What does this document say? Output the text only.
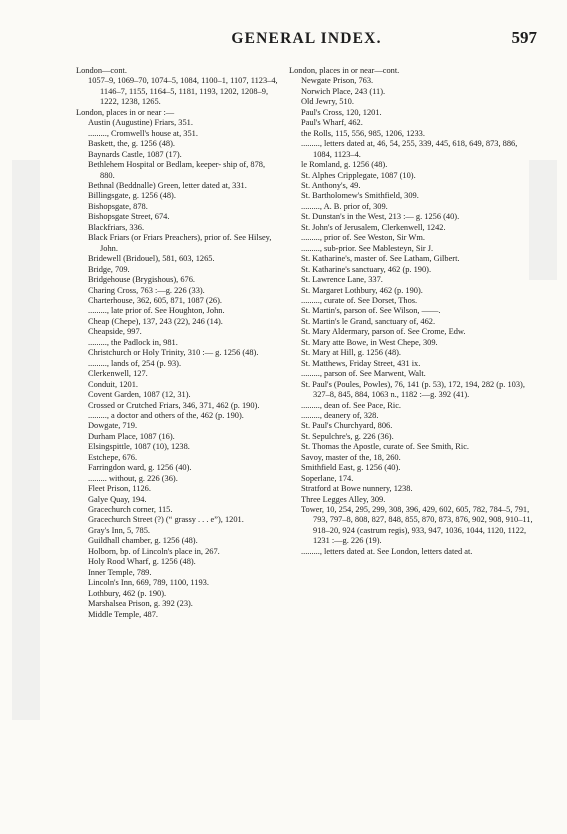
GENERAL INDEX.	597
London—cont.
1057–9, 1069–70, 1074–5, 1084, 1100–1, 1107, 1123–4, 1146–7, 1155, 1164–5, 1181, 1193, 1202, 1208–9, 1222, 1238, 1265.
London, places in or near :—
Austin (Augustine) Friars, 351.
........., Cromwell's house at, 351.
Baskett, the, g. 1256 (48).
Baynards Castle, 1087 (17).
Bethlehem Hospital or Bedlam, keeper- ship of, 878, 880.
Bethnal (Beddnalle) Green, letter dated at, 331.
Billingsgate, g. 1256 (48).
Bishopsgate, 878.
Bishopsgate Street, 674.
Blackfriars, 336.
Black Friars (or Friars Preachers), prior of. See Hilsey, John.
Bridewell (Bridouel), 581, 603, 1265.
Bridge, 709.
Bridgehouse (Brygishous), 676.
Charing Cross, 763 :—g. 226 (33).
Charterhouse, 362, 605, 871, 1087 (26).
........., late prior of. See Houghton, John.
Cheap (Chepe), 137, 243 (22), 246 (14).
Cheapside, 997.
........., the Padlock in, 981.
Christchurch or Holy Trinity, 310 :— g. 1256 (48).
........., lands of, 254 (p. 93).
Clerkenwell, 127.
Conduit, 1201.
Covent Garden, 1087 (12, 31).
Crossed or Crutched Friars, 346, 371, 462 (p. 190).
........., a doctor and others of the, 462 (p. 190).
Dowgate, 719.
Durham Place, 1087 (16).
Elsingspittle, 1087 (10), 1238.
Estchepe, 676.
Farringdon ward, g. 1256 (40).
......... without, g. 226 (36).
Fleet Prison, 1126.
Galye Quay, 194.
Gracechurch corner, 115.
Gracechurch Street (?) (“ grassy . . . e”), 1201.
Gray's Inn, 5, 785.
Guildhall chamber, g. 1256 (48).
Holborn, bp. of Lincoln's place in, 267.
Holy Rood Wharf, g. 1256 (48).
Inner Temple, 789.
Lincoln's Inn, 669, 789, 1100, 1193.
Lothbury, 462 (p. 190).
Marshalsea Prison, g. 392 (23).
Middle Temple, 487.
London, places in or near—cont.
Newgate Prison, 763.
Norwich Place, 243 (11).
Old Jewry, 510.
Paul's Cross, 120, 1201.
Paul's Wharf, 462.
the Rolls, 115, 556, 985, 1206, 1233.
........., letters dated at, 46, 54, 255, 339, 445, 618, 649, 873, 886, 1084, 1123–4.
le Romland, g. 1256 (48).
St. Alphes Cripplegate, 1087 (10).
St. Anthony's, 49.
St. Bartholomew's Smithfield, 309.
........., A. B. prior of, 309.
St. Dunstan's in the West, 213 :— g. 1256 (40).
St. John's of Jerusalem, Clerkenwell, 1242.
........., prior of. See Weston, Sir Wm.
........., sub-prior. See Mablesteyn, Sir J.
St. Katharine's, master of. See Latham, Gilbert.
St. Katharine's sanctuary, 462 (p. 190).
St. Lawrence Lane, 337.
St. Margaret Lothbury, 462 (p. 190).
........., curate of. See Dorset, Thos.
St. Martin's, parson of. See Wilson, ——.
St. Martin's le Grand, sanctuary of, 462.
St. Mary Aldermary, parson of. See Crome, Edw.
St. Mary atte Bowe, in West Chepe, 309.
St. Mary at Hill, g. 1256 (48).
St. Matthews, Friday Street, 431 ix.
........., parson of. See Marwent, Walt.
St. Paul's (Poules, Powles), 76, 141 (p. 53), 172, 194, 282 (p. 103), 327–8, 845, 884, 1063 n., 1182 :—g. 392 (41).
........., dean of. See Pace, Ric.
........., deanery of, 328.
St. Paul's Churchyard, 806.
St. Sepulchre's, g. 226 (36).
St. Thomas the Apostle, curate of. See Smith, Ric.
Savoy, master of the, 18, 260.
Smithfield East, g. 1256 (40).
Soperlane, 174.
Stratford at Bowe nunnery, 1238.
Three Legges Alley, 309.
Tower, 10, 254, 295, 299, 308, 396, 429, 602, 605, 782, 784–5, 791, 793, 797–8, 808, 827, 848, 855, 870, 873, 876, 902, 908, 910–11, 918–20, 924 (castrum regis), 933, 947, 1036, 1044, 1120, 1122, 1231 :—g. 226 (19).
........., letters dated at. See London, letters dated at.
